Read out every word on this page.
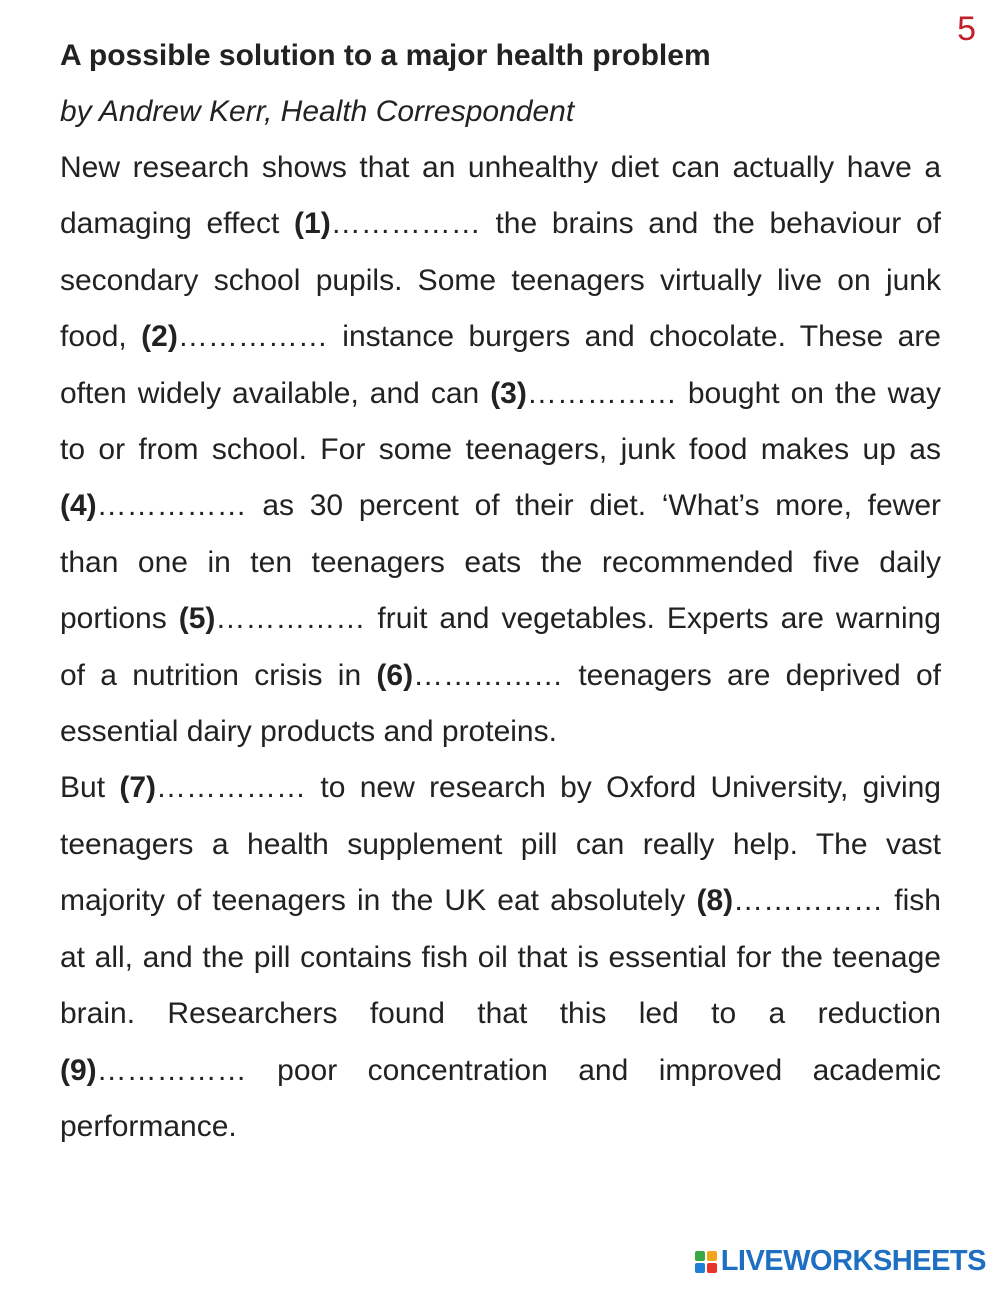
5

A possible solution to a major health problem

by Andrew Kerr, Health Correspondent

New research shows that an unhealthy diet can actually have a damaging effect (1)…………… the brains and the behaviour of secondary school pupils. Some teenagers virtually live on junk food, (2)…………… instance burgers and chocolate. These are often widely available, and can (3)…………… bought on the way to or from school. For some teenagers, junk food makes up as (4)…………… as 30 percent of their diet. ‘What’s more, fewer than one in ten teenagers eats the recommended five daily portions (5)…………… fruit and vegetables. Experts are warning of a nutrition crisis in (6)…………… teenagers are deprived of essential dairy products and proteins.

But (7)…………… to new research by Oxford University, giving teenagers a health supplement pill can really help. The vast majority of teenagers in the UK eat absolutely (8)…………… fish at all, and the pill contains fish oil that is essential for the teenage brain. Researchers found that this led to a reduction (9)…………… poor concentration and improved academic performance.

LIVEWORKSHEETS
